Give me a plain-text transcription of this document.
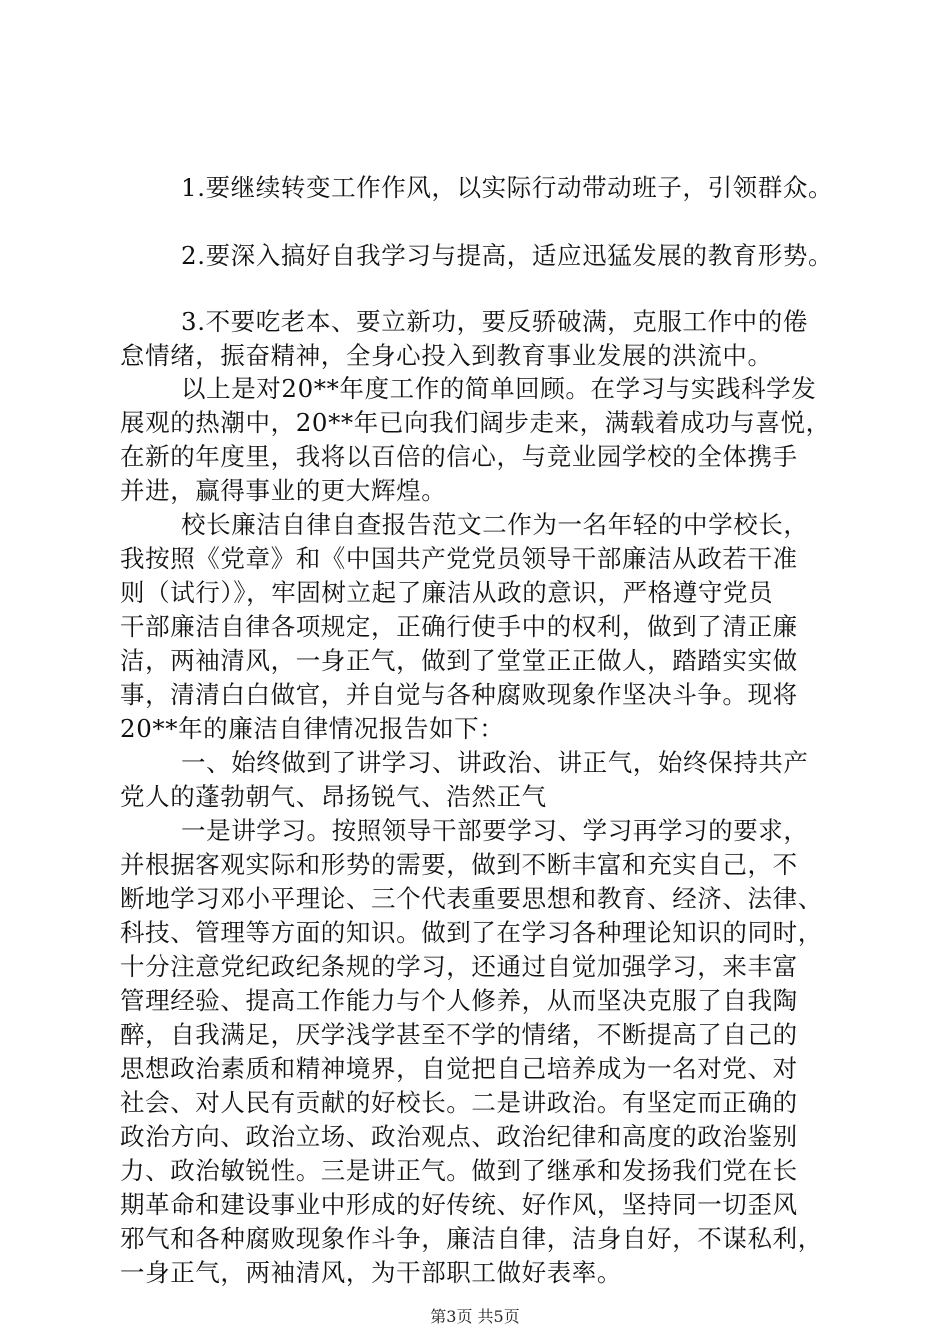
1.要继续转变工作作风，以实际行动带动班子，引领群众。
2.要深入搞好自我学习与提高，适应迅猛发展的教育形势。
3.不要吃老本、要立新功，要反骄破满，克服工作中的倦
怠情绪，振奋精神，全身心投入到教育事业发展的洪流中。
以上是对20**年度工作的简单回顾。在学习与实践科学发
展观的热潮中，20**年已向我们阔步走来，满载着成功与喜悦，
在新的年度里，我将以百倍的信心，与竞业园学校的全体携手
并进，赢得事业的更大辉煌。
校长廉洁自律自查报告范文二作为一名年轻的中学校长，
我按照《党章》和《中国共产党党员领导干部廉洁从政若干准
则（试行）》，牢固树立起了廉洁从政的意识，严格遵守党员
干部廉洁自律各项规定，正确行使手中的权利，做到了清正廉
洁，两袖清风，一身正气，做到了堂堂正正做人，踏踏实实做
事，清清白白做官，并自觉与各种腐败现象作坚决斗争。现将
20**年的廉洁自律情况报告如下：
一、始终做到了讲学习、讲政治、讲正气，始终保持共产
党人的蓬勃朝气、昂扬锐气、浩然正气
一是讲学习。按照领导干部要学习、学习再学习的要求，
并根据客观实际和形势的需要，做到不断丰富和充实自己，不
断地学习邓小平理论、三个代表重要思想和教育、经济、法律、
科技、管理等方面的知识。做到了在学习各种理论知识的同时，
十分注意党纪政纪条规的学习，还通过自觉加强学习，来丰富
管理经验、提高工作能力与个人修养，从而坚决克服了自我陶
醉，自我满足，厌学浅学甚至不学的情绪，不断提高了自己的
思想政治素质和精神境界，自觉把自己培养成为一名对党、对
社会、对人民有贡献的好校长。二是讲政治。有坚定而正确的
政治方向、政治立场、政治观点、政治纪律和高度的政治鉴别
力、政治敏锐性。三是讲正气。做到了继承和发扬我们党在长
期革命和建设事业中形成的好传统、好作风，坚持同一切歪风
邪气和各种腐败现象作斗争，廉洁自律，洁身自好，不谋私利，
一身正气，两袖清风，为干部职工做好表率。
第3页 共5页
